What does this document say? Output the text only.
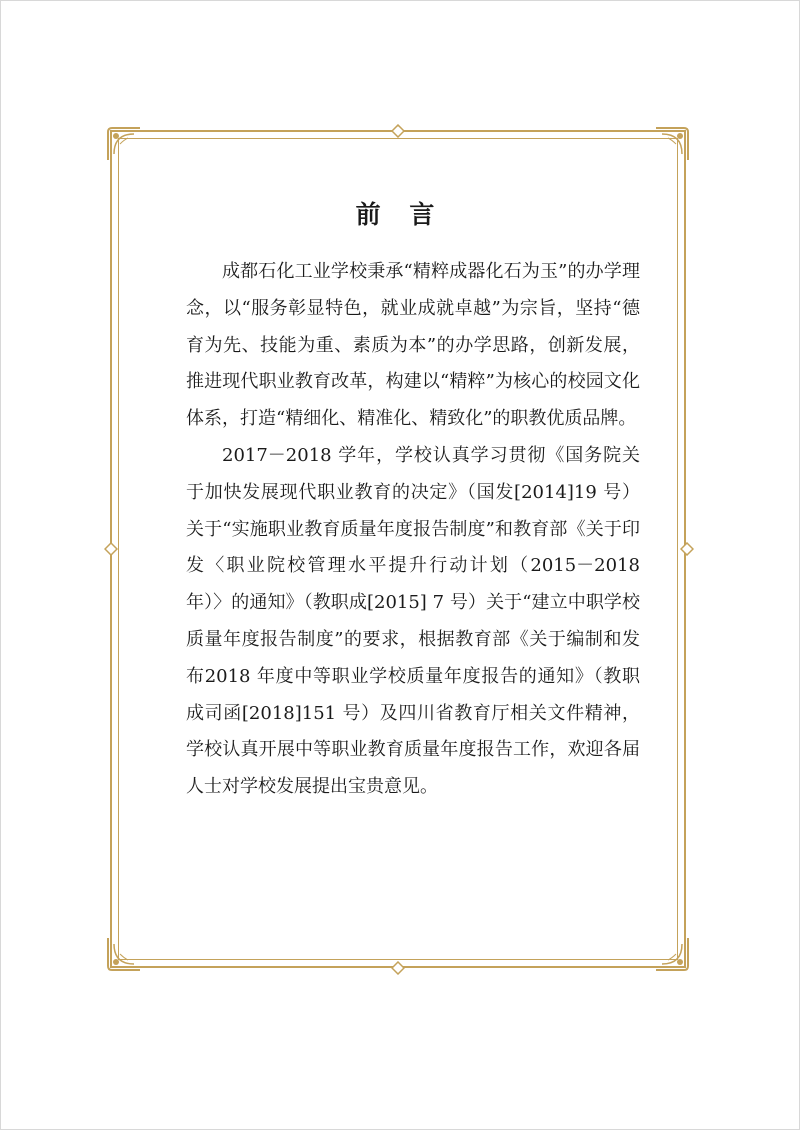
前 言

成都石化工业学校秉承“精粹成器化石为玉”的办学理念，以“服务彰显特色，就业成就卓越”为宗旨，坚持“德育为先、技能为重、素质为本”的办学思路，创新发展，推进现代职业教育改革，构建以“精粹”为核心的校园文化体系，打造“精细化、精准化、精致化”的职教优质品牌。

2017－2018 学年，学校认真学习贯彻《国务院关于加快发展现代职业教育的决定》（国发[2014]19 号）关于“实施职业教育质量年度报告制度”和教育部《关于印发〈职业院校管理水平提升行动计划（2015－2018 年）〉的通知》（教职成[2015] 7 号）关于“建立中职学校质量年度报告制度”的要求，根据教育部《关于编制和发布2018 年度中等职业学校质量年度报告的通知》（教职成司函[2018]151 号）及四川省教育厅相关文件精神，学校认真开展中等职业教育质量年度报告工作，欢迎各届人士对学校发展提出宝贵意见。
